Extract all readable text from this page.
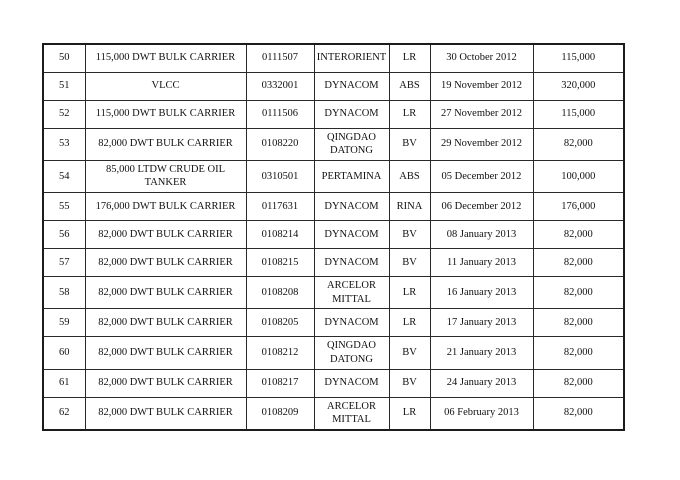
50	115,000 DWT BULK CARRIER	0111507	INTERORIENT	LR	30 October 2012	115,000
51	VLCC	0332001	DYNACOM	ABS	19 November 2012	320,000
52	115,000 DWT BULK CARRIER	0111506	DYNACOM	LR	27 November 2012	115,000
53	82,000 DWT BULK CARRIER	0108220	QINGDAO DATONG	BV	29 November 2012	82,000
54	85,000 LTDW CRUDE OIL TANKER	0310501	PERTAMINA	ABS	05 December 2012	100,000
55	176,000 DWT BULK CARRIER	0117631	DYNACOM	RINA	06 December 2012	176,000
56	82,000 DWT BULK CARRIER	0108214	DYNACOM	BV	08 January 2013	82,000
57	82,000 DWT BULK CARRIER	0108215	DYNACOM	BV	11 January 2013	82,000
58	82,000 DWT BULK CARRIER	0108208	ARCELOR MITTAL	LR	16 January 2013	82,000
59	82,000 DWT BULK CARRIER	0108205	DYNACOM	LR	17 January 2013	82,000
60	82,000 DWT BULK CARRIER	0108212	QINGDAO DATONG	BV	21 January 2013	82,000
61	82,000 DWT BULK CARRIER	0108217	DYNACOM	BV	24 January 2013	82,000
62	82,000 DWT BULK CARRIER	0108209	ARCELOR MITTAL	LR	06 February 2013	82,000
